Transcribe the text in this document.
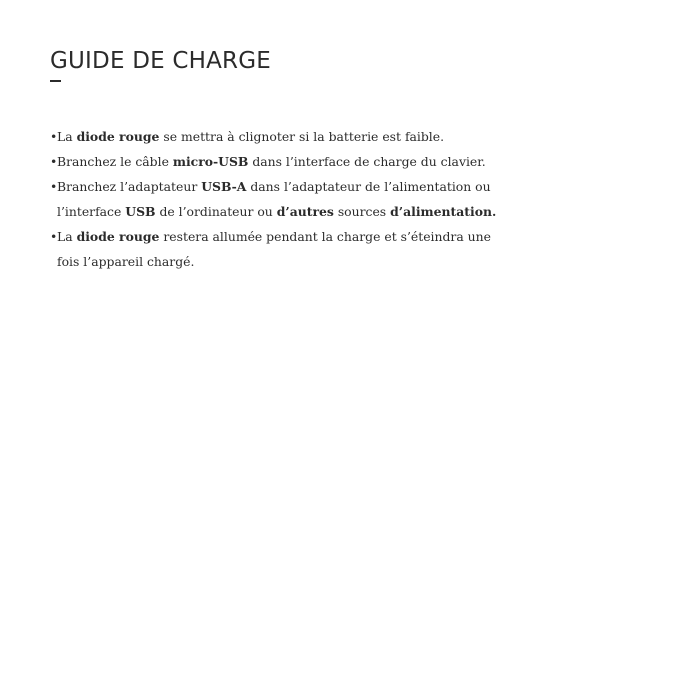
GUIDE DE CHARGE
• La diode rouge se mettra à clignoter si la batterie est faible.
• Branchez le câble micro-USB dans l’interface de charge du clavier.
• Branchez l’adaptateur USB-A dans l’adaptateur de l’alimentation ou l’interface USB de l’ordinateur ou d’autres sources d’alimentation.
• La diode rouge restera allumée pendant la charge et s’éteindra une fois l’appareil chargé.
